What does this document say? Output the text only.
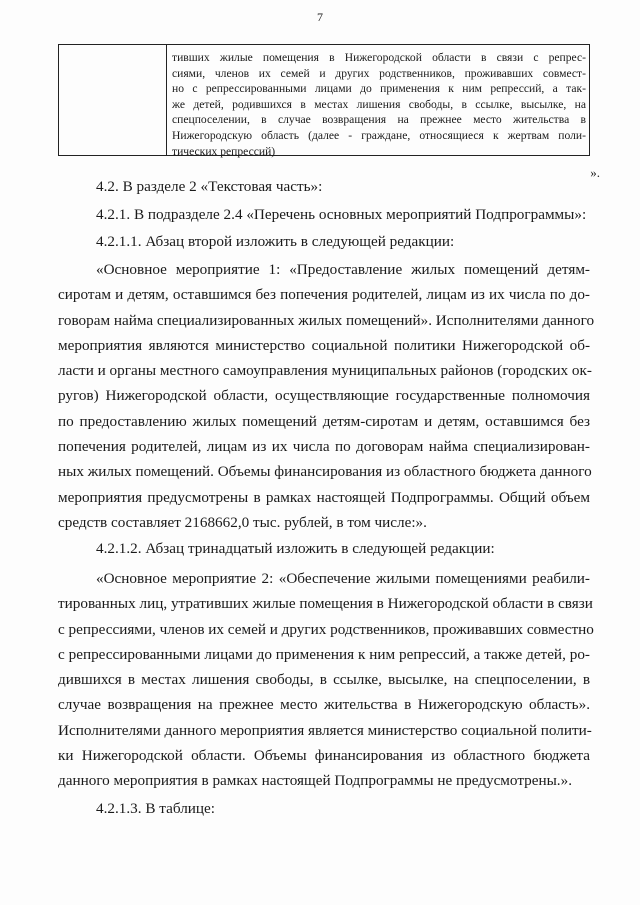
7
тивших жилые помещения в Нижегородской области в связи с репрес-
сиями, членов их семей и других родственников, проживавших совмест-
но с репрессированными лицами до применения к ним репрессий, а так-
же детей, родившихся в местах лишения свободы, в ссылке, высылке, на
спецпоселении, в случае возвращения на прежнее место жительства в
Нижегородскую область (далее - граждане, относящиеся к жертвам поли-
тических репрессий)
».
4.2. В разделе 2 «Текстовая часть»:
4.2.1. В подразделе 2.4 «Перечень основных мероприятий Подпрограммы»:
4.2.1.1. Абзац второй изложить в следующей редакции:
«Основное мероприятие 1: «Предоставление жилых помещений детям-
сиротам и детям, оставшимся без попечения родителей, лицам из их числа по до-
говорам найма специализированных жилых помещений». Исполнителями данного
мероприятия являются министерство социальной политики Нижегородской об-
ласти и органы местного самоуправления муниципальных районов (городских ок-
ругов) Нижегородской области, осуществляющие государственные полномочия
по предоставлению жилых помещений детям-сиротам и детям, оставшимся без
попечения родителей, лицам из их числа по договорам найма специализирован-
ных жилых помещений. Объемы финансирования из областного бюджета данного
мероприятия предусмотрены в рамках настоящей Подпрограммы. Общий объем
средств составляет 2168662,0 тыс. рублей, в том числе:».
4.2.1.2. Абзац тринадцатый изложить в следующей редакции:
«Основное мероприятие 2: «Обеспечение жилыми помещениями реабили-
тированных лиц, утративших жилые помещения в Нижегородской области в связи
с репрессиями, членов их семей и других родственников, проживавших совместно
с репрессированными лицами до применения к ним репрессий, а также детей, ро-
дившихся в местах лишения свободы, в ссылке, высылке, на спецпоселении, в
случае возвращения на прежнее место жительства в Нижегородскую область».
Исполнителями данного мероприятия является министерство социальной полити-
ки Нижегородской области. Объемы финансирования из областного бюджета
данного мероприятия в рамках настоящей Подпрограммы не предусмотрены.».
4.2.1.3. В таблице:
